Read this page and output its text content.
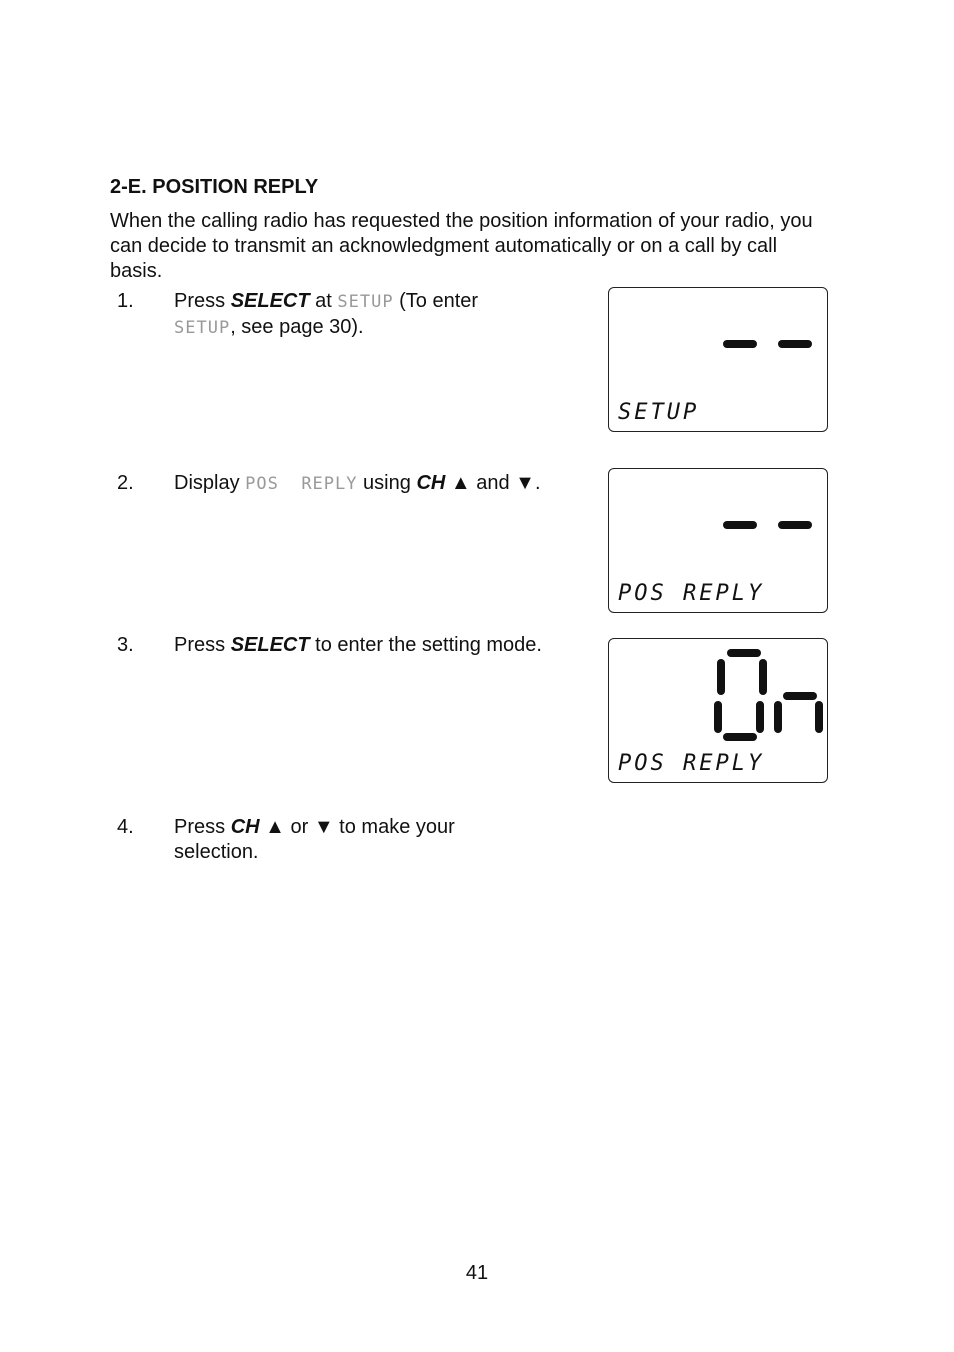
2-E. POSITION REPLY

When the calling radio has requested the position information of your radio, you can decide to transmit an acknowledgment automatically or on a call by call basis.

1. Press SELECT at SETUP (To enter SETUP, see page 30).
2. Display POS  REPLY using CH ▲ and ▼.
3. Press SELECT to enter the setting mode.
4. Press CH ▲ or ▼ to make your selection.
SETUP
POS REPLY
POS REPLY
41
